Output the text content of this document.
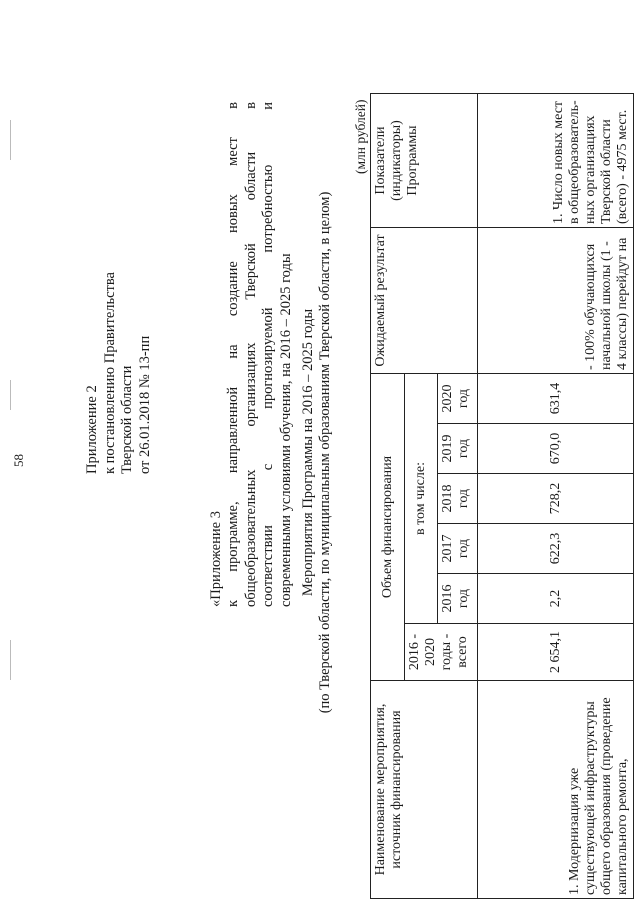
58	Приложение 2 к постановлению Правительства Тверской области от 26.01.2018 № 13-пп
«Приложение 3 к программе, направленной на создание новых мест в общеобразовательных организациях Тверской области в соответствии с прогнозируемой потребностью и современными условиями обучения, на 2016 – 2025 годы Мероприятия Программы на 2016 – 2025 годы (по Тверской области, по муниципальным образованиям Тверской области, в целом)
(млн рублей)
Наименование мероприятия, источник финансирования	Объем финансирования						Ожидаемый результат	Показатели (индикаторы) Программы
	2016 - 2020 годы - всего	в том числе:						
		2016 год	2017 год	2018 год	2019 год	2020 год		
1. Модернизация уже существующей инфраструктуры общего образования (проведение капитального ремонта,	2 654,1	2,2	622,3	728,2	670,0	631,4	- 100% обучающихся начальной школы (1 - 4 классы) перейдут на	1. Число новых мест в общеобразователь-ных организациях Тверской области (всего) - 4975 мест.
